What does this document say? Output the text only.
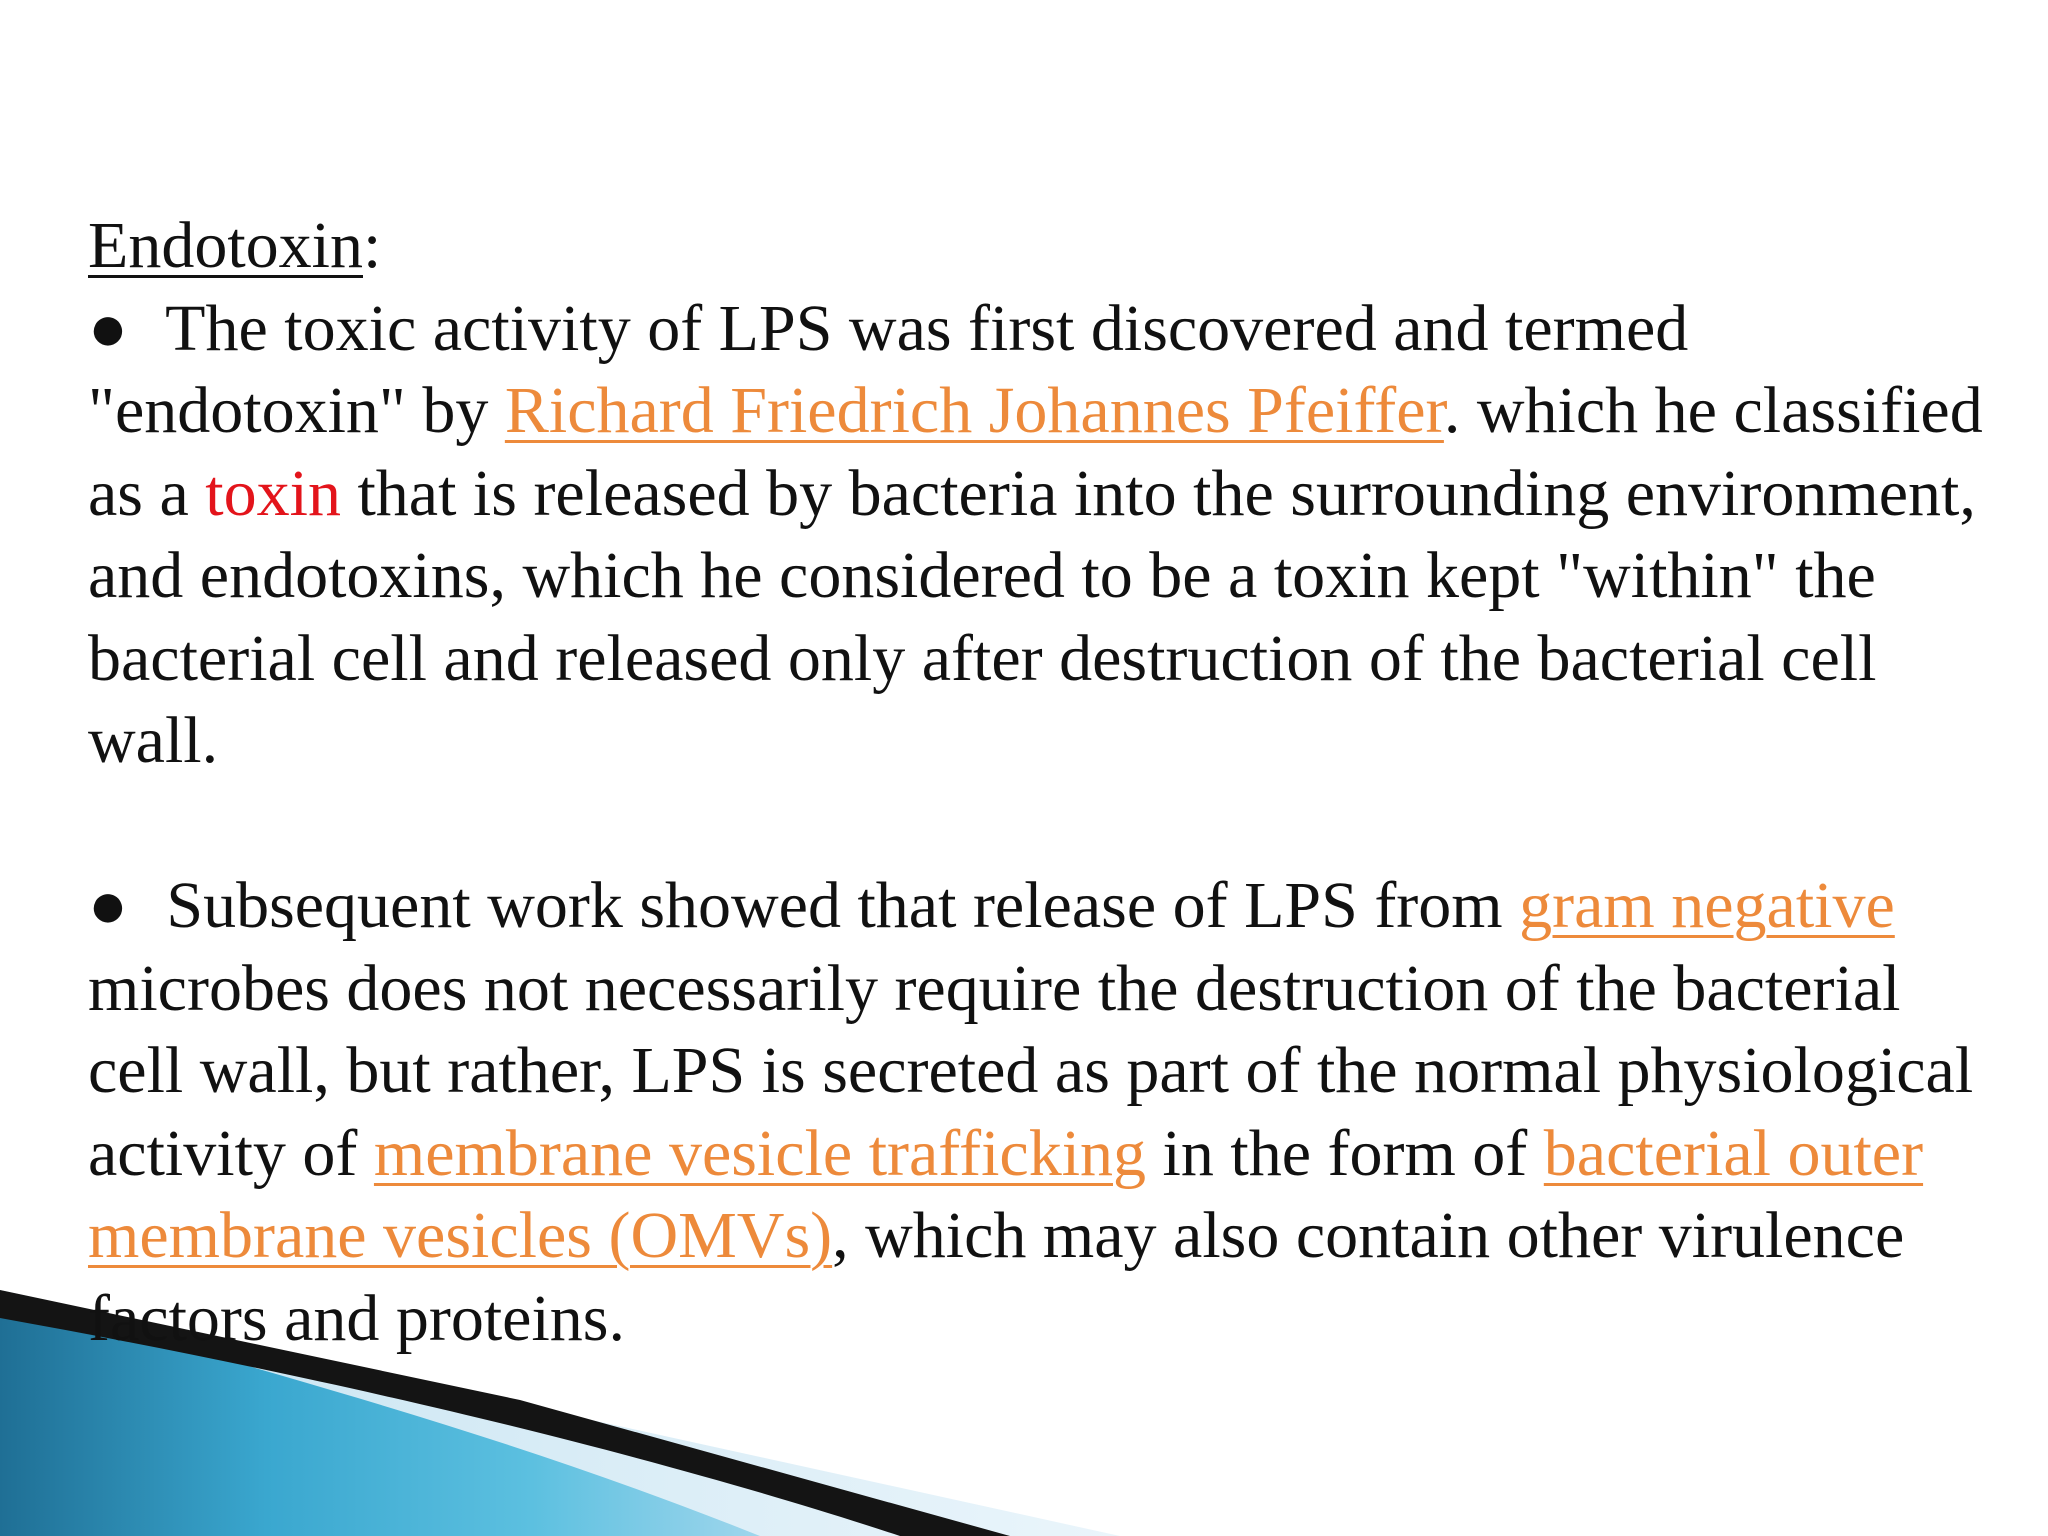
Endotoxin:

● The toxic activity of LPS was first discovered and termed "endotoxin" by Richard Friedrich Johannes Pfeiffer. which he classified as a toxin that is released by bacteria into the surrounding environment, and endotoxins, which he considered to be a toxin kept "within" the bacterial cell and released only after destruction of the bacterial cell wall.

● Subsequent work showed that release of LPS from gram negative microbes does not necessarily require the destruction of the bacterial cell wall, but rather, LPS is secreted as part of the normal physiological activity of membrane vesicle trafficking in the form of bacterial outer membrane vesicles (OMVs), which may also contain other virulence factors and proteins.
